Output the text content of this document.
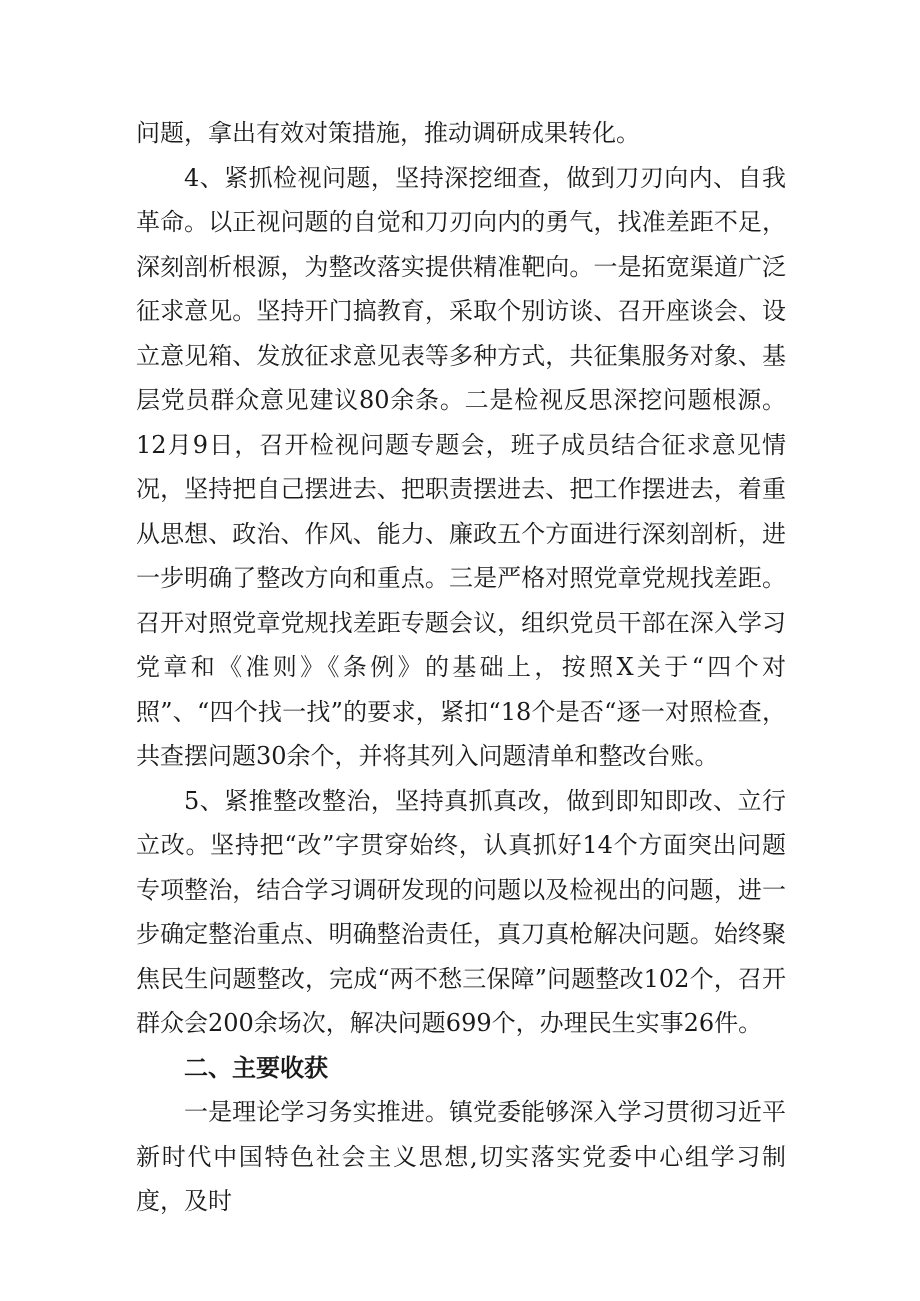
问题，拿出有效对策措施，推动调研成果转化。

4、紧抓检视问题，坚持深挖细查，做到刀刃向内、自我革命。以正视问题的自觉和刀刃向内的勇气，找准差距不足，深刻剖析根源，为整改落实提供精准靶向。一是拓宽渠道广泛征求意见。坚持开门搞教育，采取个别访谈、召开座谈会、设立意见箱、发放征求意见表等多种方式，共征集服务对象、基层党员群众意见建议80余条。二是检视反思深挖问题根源。12月9日，召开检视问题专题会，班子成员结合征求意见情况，坚持把自己摆进去、把职责摆进去、把工作摆进去，着重从思想、政治、作风、能力、廉政五个方面进行深刻剖析，进一步明确了整改方向和重点。三是严格对照党章党规找差距。召开对照党章党规找差距专题会议，组织党员干部在深入学习党章和《准则》《条例》的基础上，按照X关于“四个对照”、“四个找一找”的要求，紧扣“18个是否“逐一对照检查，共查摆问题30余个，并将其列入问题清单和整改台账。

5、紧推整改整治，坚持真抓真改，做到即知即改、立行立改。坚持把“改”字贯穿始终，认真抓好14个方面突出问题专项整治，结合学习调研发现的问题以及检视出的问题，进一步确定整治重点、明确整治责任，真刀真枪解决问题。始终聚焦民生问题整改，完成“两不愁三保障”问题整改102个，召开群众会200余场次，解决问题699个，办理民生实事26件。

二、主要收获

一是理论学习务实推进。镇党委能够深入学习贯彻习近平新时代中国特色社会主义思想,切实落实党委中心组学习制度，及时
